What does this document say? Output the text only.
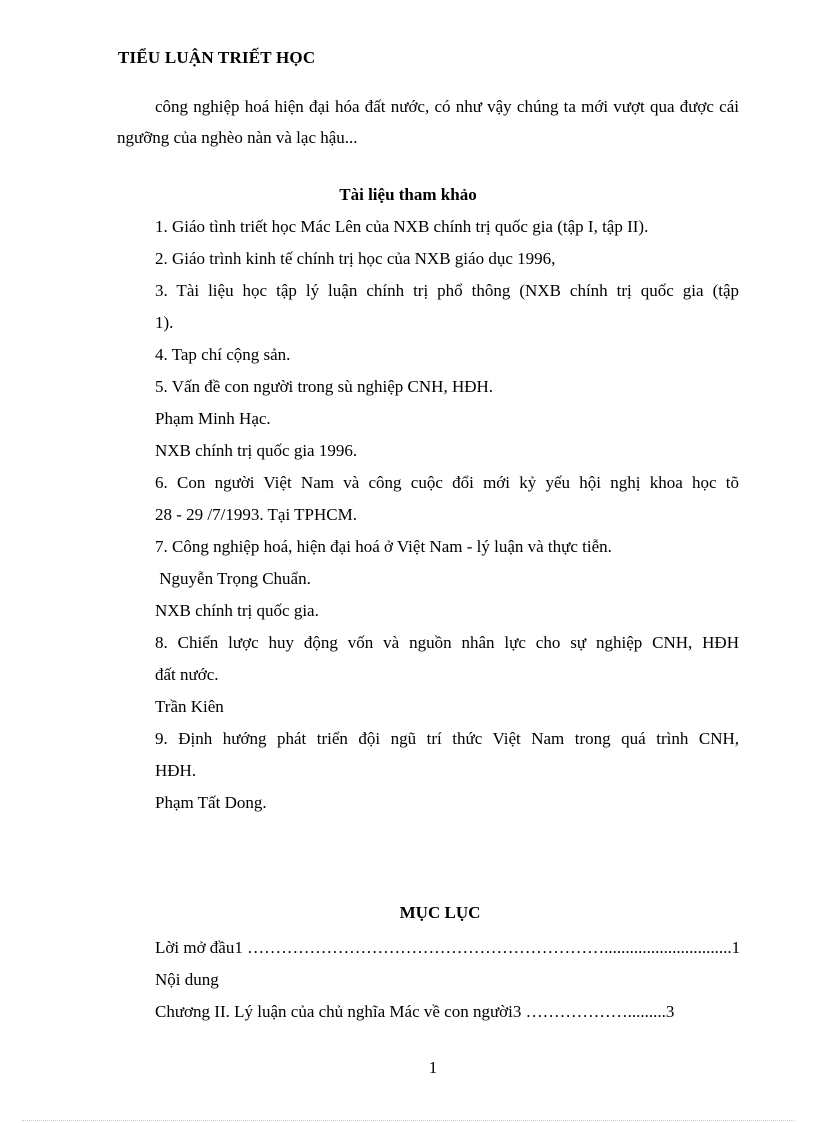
TIỂU LUẬN TRIẾT HỌC
công nghiệp hoá hiện đại hóa đất nước, có như vậy chúng ta mới vượt qua được cái ngưỡng của nghèo nàn và lạc hậu...
Tài liệu tham khảo
1. Giáo tình triết học Mác Lên của NXB chính trị quốc gia (tập I, tập II).
2. Giáo trình kinh tế chính trị học của NXB giáo dục 1996,
3. Tài liệu học tập lý luận chính trị phổ thông (NXB chính trị quốc gia (tập
1).
4. Tap chí cộng sản.
5. Vấn đề con người trong sù nghiệp CNH, HĐH.
Phạm Minh Hạc.
NXB chính trị quốc gia 1996.
6. Con người Việt Nam và công cuộc đổi mới kỷ yếu hội nghị khoa học tõ
28 - 29 /7/1993. Tại TPHCM.
7. Công nghiệp hoá, hiện đại hoá ở Việt Nam - lý luận và thực tiễn.
Nguyễn Trọng Chuẩn.
NXB chính trị quốc gia.
8. Chiến lược huy động vốn và nguồn nhân lực cho sự nghiệp CNH, HĐH
đất nước.
Trần Kiên
9. Định hướng phát triển đội ngũ trí thức Việt Nam trong quá trình CNH,
HĐH.
Phạm Tất Dong.
MỤC LỤC
Lời mở đầu1 ………………………………………………………..............................1
Nội dung
Chương II. Lý luận của chủ nghĩa Mác về con người3 ……………….........3
1
